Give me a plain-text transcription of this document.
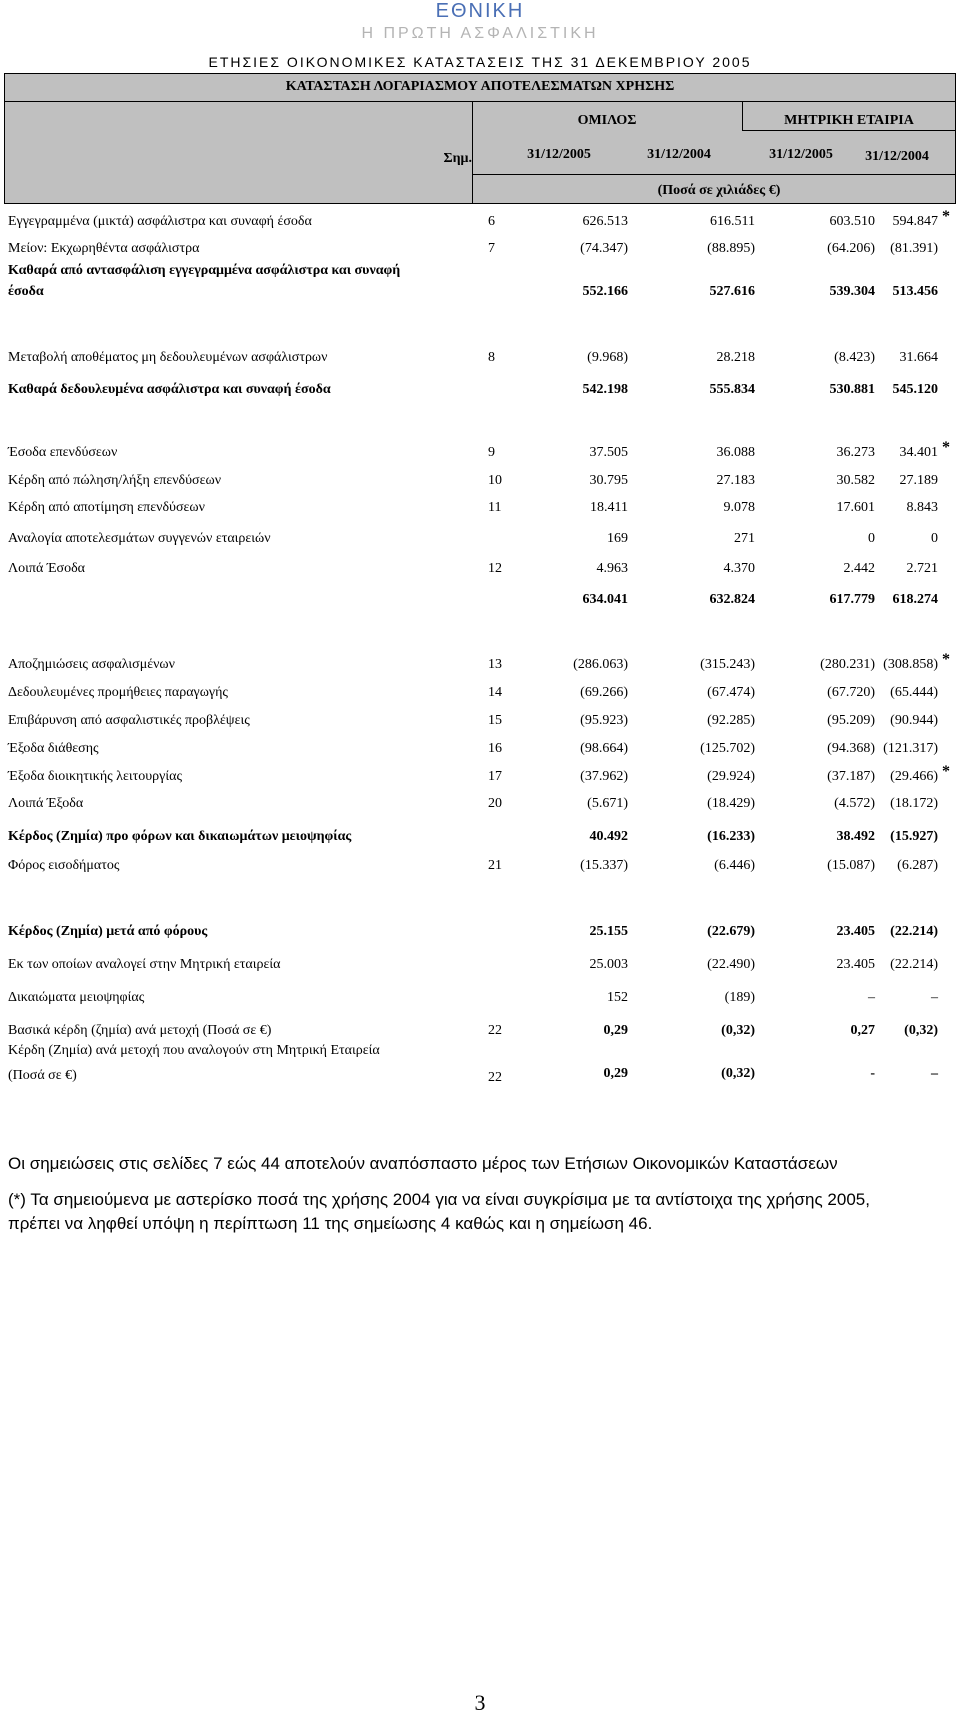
ΕΘΝΙΚΗ
Η ΠΡΩΤΗ ΑΣΦΑΛΙΣΤΙΚΗ
ΕΤΗΣΙΕΣ ΟΙΚΟΝΟΜΙΚΕΣ ΚΑΤΑΣΤΑΣΕΙΣ ΤΗΣ 31 ΔΕΚΕΜΒΡΙΟΥ 2005
ΚΑΤΑΣΤΑΣΗ ΛΟΓΑΡΙΑΣΜΟΥ ΑΠΟΤΕΛΕΣΜΑΤΩΝ ΧΡΗΣΗΣ
ΟΜΙΛΟΣ	ΜΗΤΡΙΚΗ ΕΤΑΙΡΙΑ
Σημ.	31/12/2005	31/12/2004	31/12/2005	31/12/2004
(Ποσά σε χιλιάδες €)
Εγγεγραμμένα (μικτά) ασφάλιστρα και συναφή έσοδα	6	626.513	616.511	603.510	594.847 *
Μείον: Εκχωρηθέντα ασφάλιστρα	7	(74.347)	(88.895)	(64.206)	(81.391)
Καθαρά από αντασφάλιση εγγεγραμμένα ασφάλιστρα και συναφή
έσοδα	552.166	527.616	539.304	513.456
Μεταβολή αποθέματος μη δεδουλευμένων ασφάλιστρων	8	(9.968)	28.218	(8.423)	31.664
Καθαρά δεδουλευμένα ασφάλιστρα και συναφή έσοδα	542.198	555.834	530.881	545.120
Έσοδα επενδύσεων	9	37.505	36.088	36.273	34.401 *
Κέρδη από πώληση/λήξη επενδύσεων	10	30.795	27.183	30.582	27.189
Κέρδη από αποτίμηση επενδύσεων	11	18.411	9.078	17.601	8.843
Αναλογία αποτελεσμάτων συγγενών εταιρειών	169	271	0	0
Λοιπά Έσοδα	12	4.963	4.370	2.442	2.721
634.041	632.824	617.779	618.274
Αποζημιώσεις ασφαλισμένων	13	(286.063)	(315.243)	(280.231) (308.858) *
Δεδουλευμένες προμήθειες παραγωγής	14	(69.266)	(67.474)	(67.720)	(65.444)
Επιβάρυνση από ασφαλιστικές προβλέψεις	15	(95.923)	(92.285)	(95.209)	(90.944)
Έξοδα διάθεσης	16	(98.664)	(125.702)	(94.368) (121.317)
Έξοδα διοικητικής λειτουργίας	17	(37.962)	(29.924)	(37.187)	(29.466) *
Λοιπά Έξοδα	20	(5.671)	(18.429)	(4.572)	(18.172)
Κέρδος (Ζημία) προ φόρων και δικαιωμάτων μειοψηφίας	40.492	(16.233)	38.492	(15.927)
Φόρος εισοδήματος	21	(15.337)	(6.446)	(15.087)	(6.287)
Κέρδος (Ζημία) μετά από φόρους	25.155	(22.679)	23.405	(22.214)
Εκ των οποίων αναλογεί στην Μητρική εταιρεία	25.003	(22.490)	23.405	(22.214)
Δικαιώματα μειοψηφίας	152	(189)	–	–
Βασικά κέρδη (ζημία) ανά μετοχή (Ποσά σε €)	22	0,29	(0,32)	0,27	(0,32)
Κέρδη (Ζημία) ανά μετοχή που αναλογούν στη Μητρική Εταιρεία
(Ποσά σε €)	22	0,29	(0,32)	-	–
Οι σημειώσεις στις σελίδες 7 εώς 44 αποτελούν αναπόσπαστο μέρος των Ετήσιων Οικονομικών Καταστάσεων
(*) Τα σημειούμενα με αστερίσκο ποσά της χρήσης 2004 για να είναι συγκρίσιμα με τα αντίστοιχα της χρήσης 2005,
πρέπει να ληφθεί υπόψη η περίπτωση 11 της σημείωσης 4 καθώς και η σημείωση 46.
3
